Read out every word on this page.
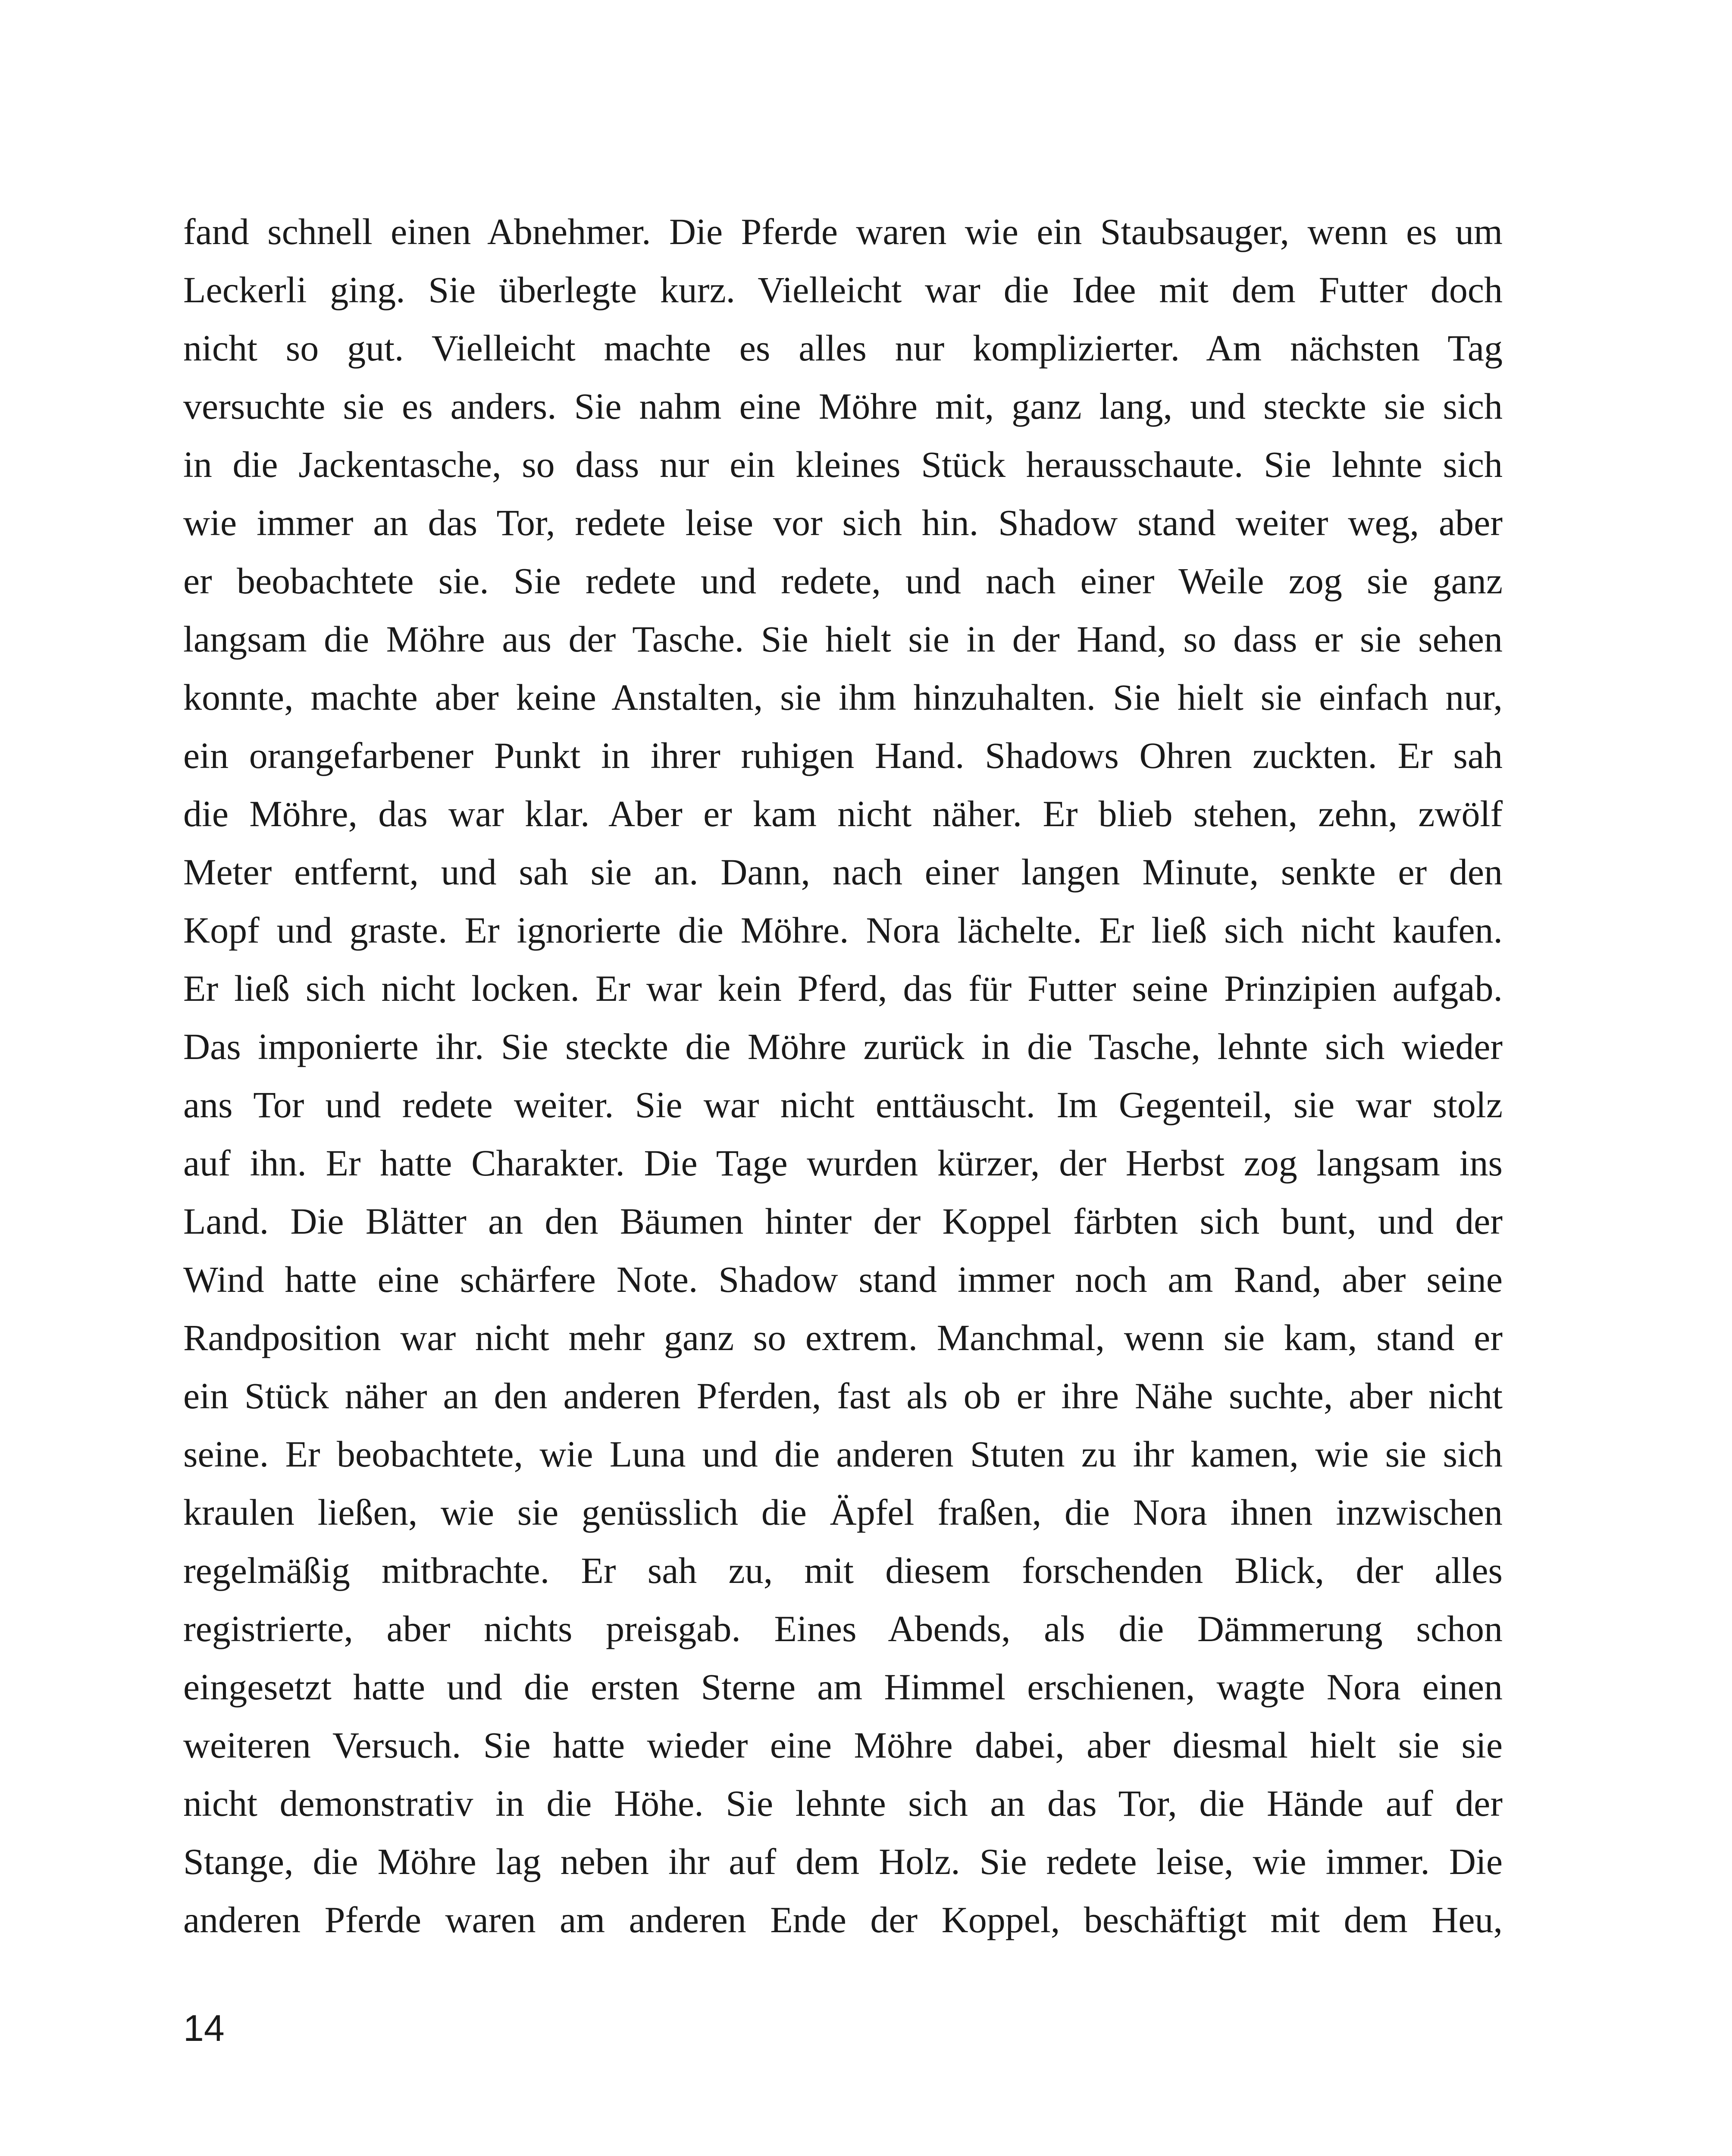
fand schnell einen Abnehmer. Die Pferde waren wie ein Staubsauger, wenn es um
Leckerli ging. Sie überlegte kurz. Vielleicht war die Idee mit dem Futter doch
nicht so gut. Vielleicht machte es alles nur komplizierter. Am nächsten Tag
versuchte sie es anders. Sie nahm eine Möhre mit, ganz lang, und steckte sie sich
in die Jackentasche, so dass nur ein kleines Stück herausschaute. Sie lehnte sich
wie immer an das Tor, redete leise vor sich hin. Shadow stand weiter weg, aber
er beobachtete sie. Sie redete und redete, und nach einer Weile zog sie ganz
langsam die Möhre aus der Tasche. Sie hielt sie in der Hand, so dass er sie sehen
konnte, machte aber keine Anstalten, sie ihm hinzuhalten. Sie hielt sie einfach nur,
ein orangefarbener Punkt in ihrer ruhigen Hand. Shadows Ohren zuckten. Er sah
die Möhre, das war klar. Aber er kam nicht näher. Er blieb stehen, zehn, zwölf
Meter entfernt, und sah sie an. Dann, nach einer langen Minute, senkte er den
Kopf und graste. Er ignorierte die Möhre. Nora lächelte. Er ließ sich nicht kaufen.
Er ließ sich nicht locken. Er war kein Pferd, das für Futter seine Prinzipien aufgab.
Das imponierte ihr. Sie steckte die Möhre zurück in die Tasche, lehnte sich wieder
ans Tor und redete weiter. Sie war nicht enttäuscht. Im Gegenteil, sie war stolz
auf ihn. Er hatte Charakter. Die Tage wurden kürzer, der Herbst zog langsam ins
Land. Die Blätter an den Bäumen hinter der Koppel färbten sich bunt, und der
Wind hatte eine schärfere Note. Shadow stand immer noch am Rand, aber seine
Randposition war nicht mehr ganz so extrem. Manchmal, wenn sie kam, stand er
ein Stück näher an den anderen Pferden, fast als ob er ihre Nähe suchte, aber nicht
seine. Er beobachtete, wie Luna und die anderen Stuten zu ihr kamen, wie sie sich
kraulen ließen, wie sie genüsslich die Äpfel fraßen, die Nora ihnen inzwischen
regelmäßig mitbrachte. Er sah zu, mit diesem forschenden Blick, der alles
registrierte, aber nichts preisgab. Eines Abends, als die Dämmerung schon
eingesetzt hatte und die ersten Sterne am Himmel erschienen, wagte Nora einen
weiteren Versuch. Sie hatte wieder eine Möhre dabei, aber diesmal hielt sie sie
nicht demonstrativ in die Höhe. Sie lehnte sich an das Tor, die Hände auf der
Stange, die Möhre lag neben ihr auf dem Holz. Sie redete leise, wie immer. Die
anderen Pferde waren am anderen Ende der Koppel, beschäftigt mit dem Heu,
14
